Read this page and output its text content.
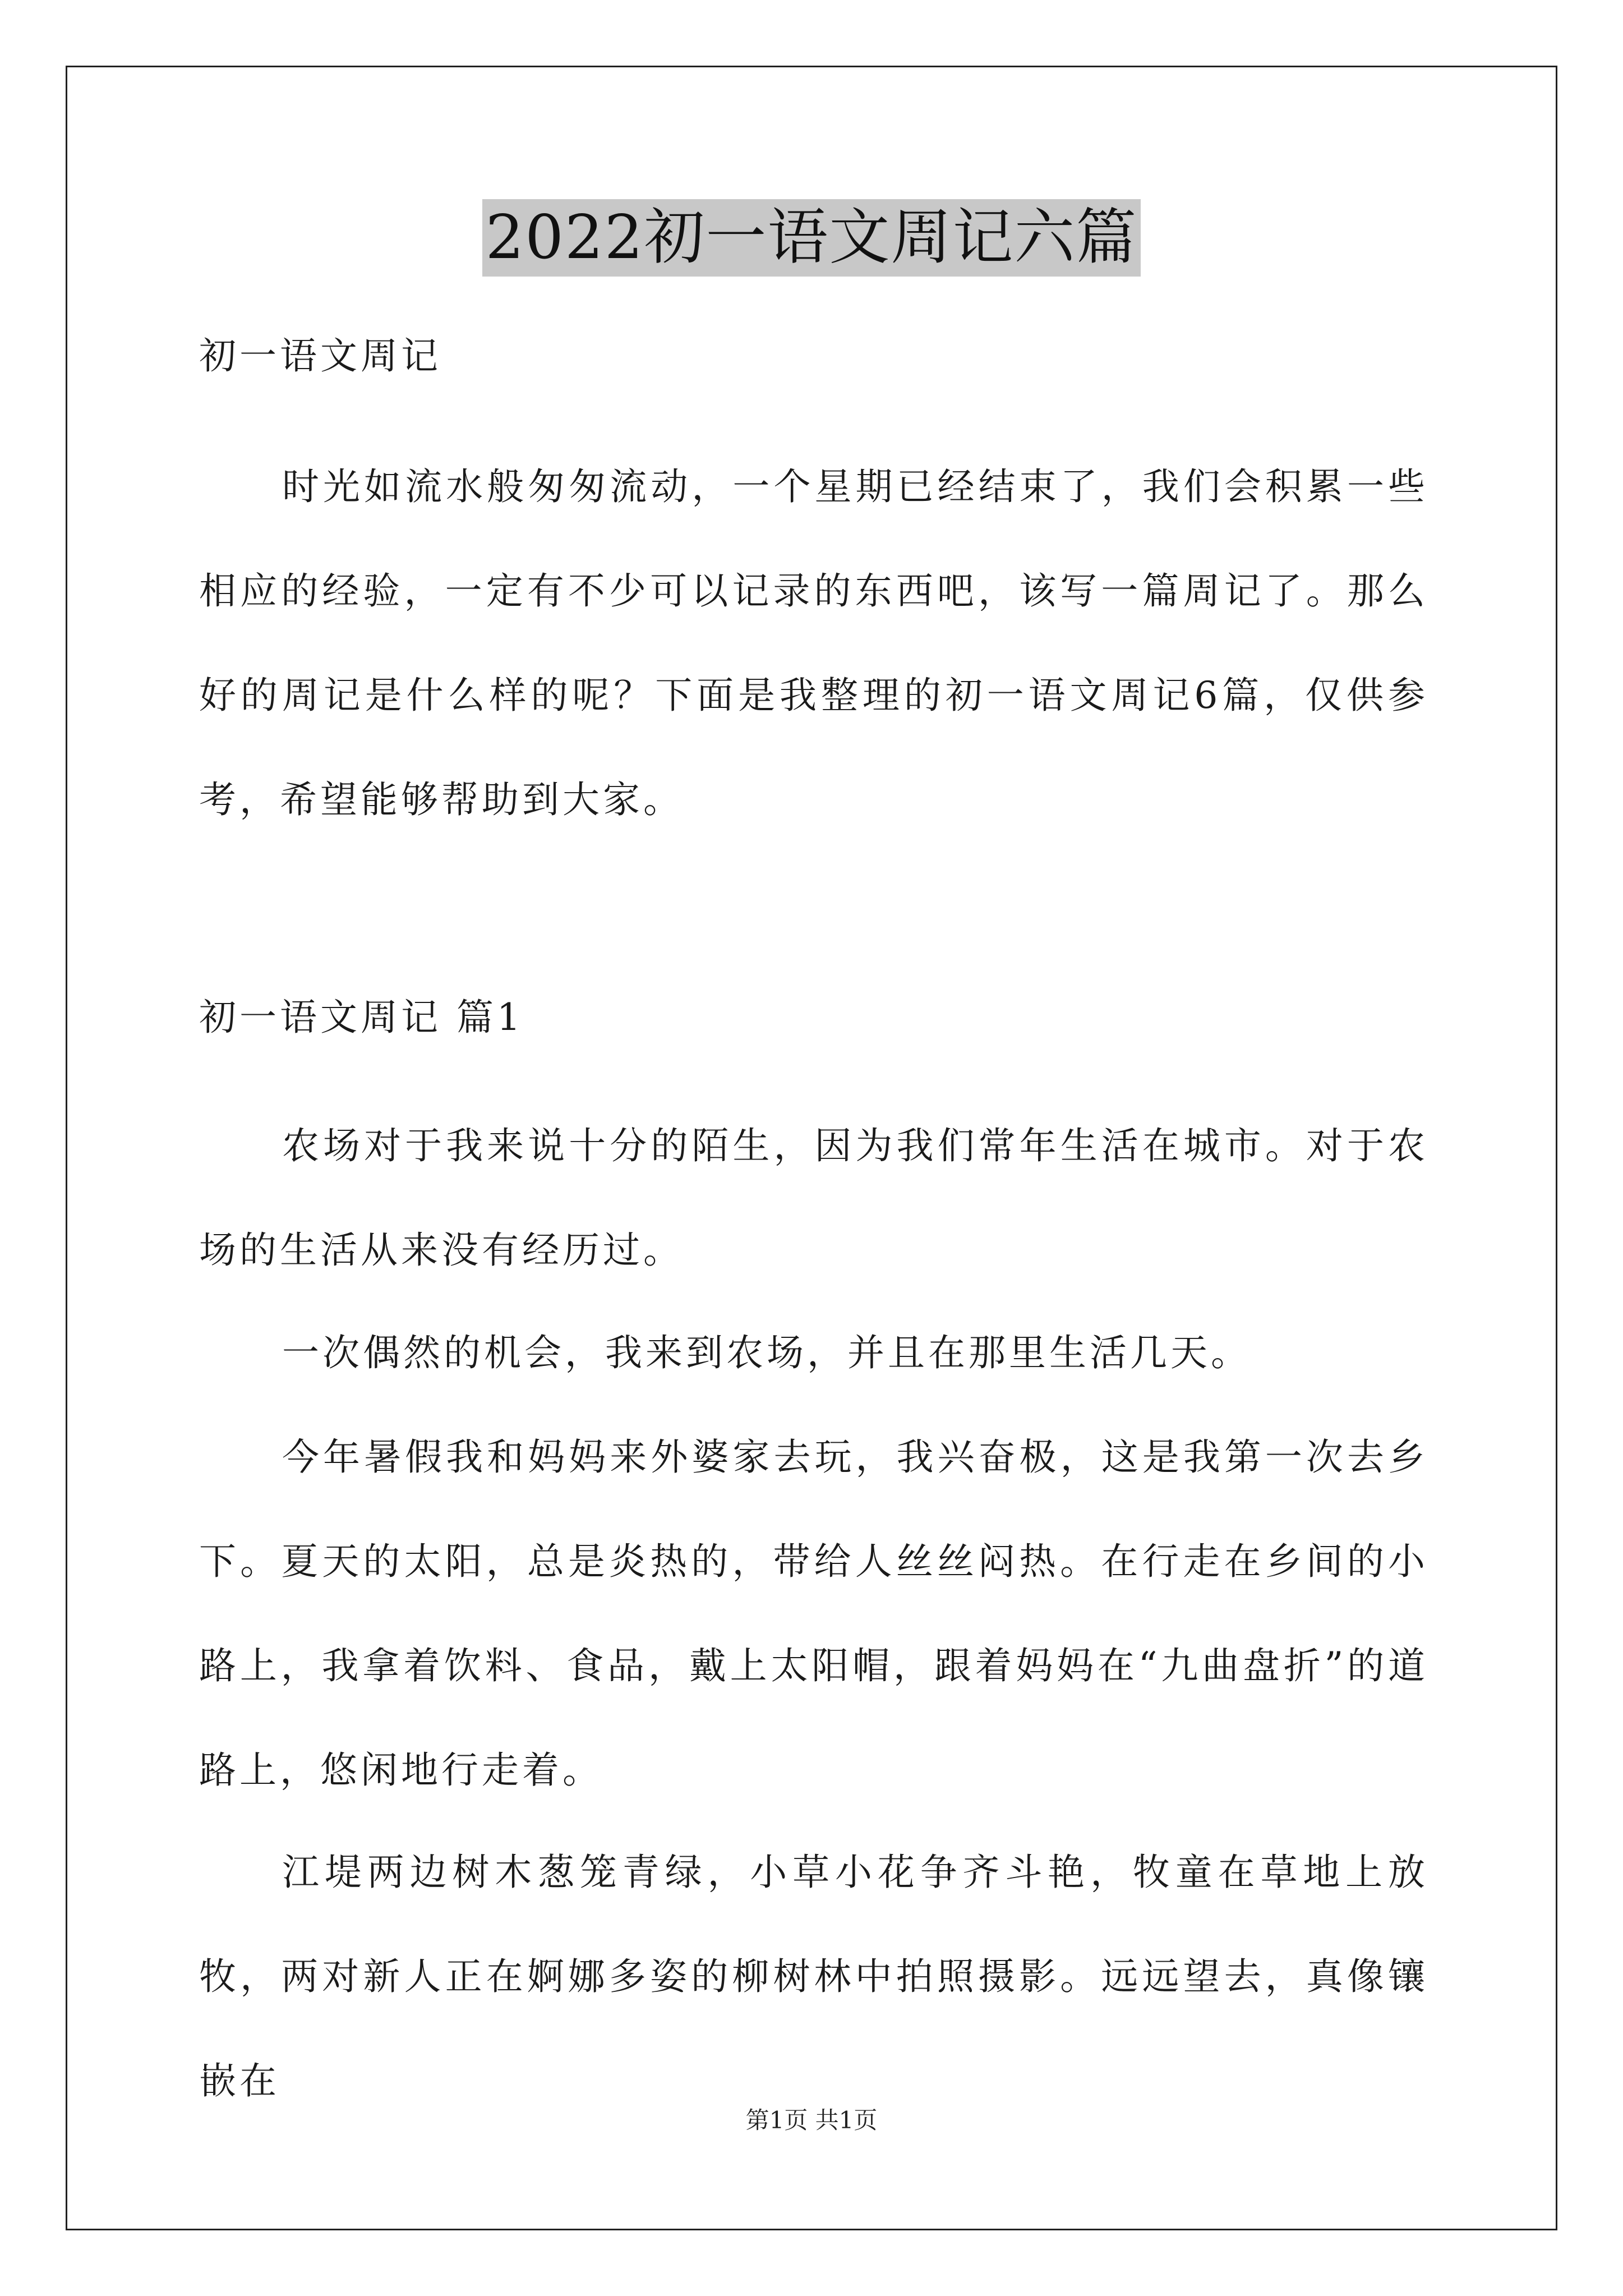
2022初一语文周记六篇
初一语文周记
时光如流水般匆匆流动，一个星期已经结束了，我们会积累一些相应的经验，一定有不少可以记录的东西吧，该写一篇周记了。那么好的周记是什么样的呢？下面是我整理的初一语文周记6篇，仅供参考，希望能够帮助到大家。
初一语文周记 篇1
农场对于我来说十分的陌生，因为我们常年生活在城市。对于农场的生活从来没有经历过。
一次偶然的机会，我来到农场，并且在那里生活几天。
今年暑假我和妈妈来外婆家去玩，我兴奋极，这是我第一次去乡下。夏天的太阳，总是炎热的，带给人丝丝闷热。在行走在乡间的小路上，我拿着饮料、食品，戴上太阳帽，跟着妈妈在“九曲盘折”的道路上，悠闲地行走着。
江堤两边树木葱笼青绿，小草小花争齐斗艳，牧童在草地上放牧，两对新人正在婀娜多姿的柳树林中拍照摄影。远远望去，真像镶嵌在
第1页 共1页
